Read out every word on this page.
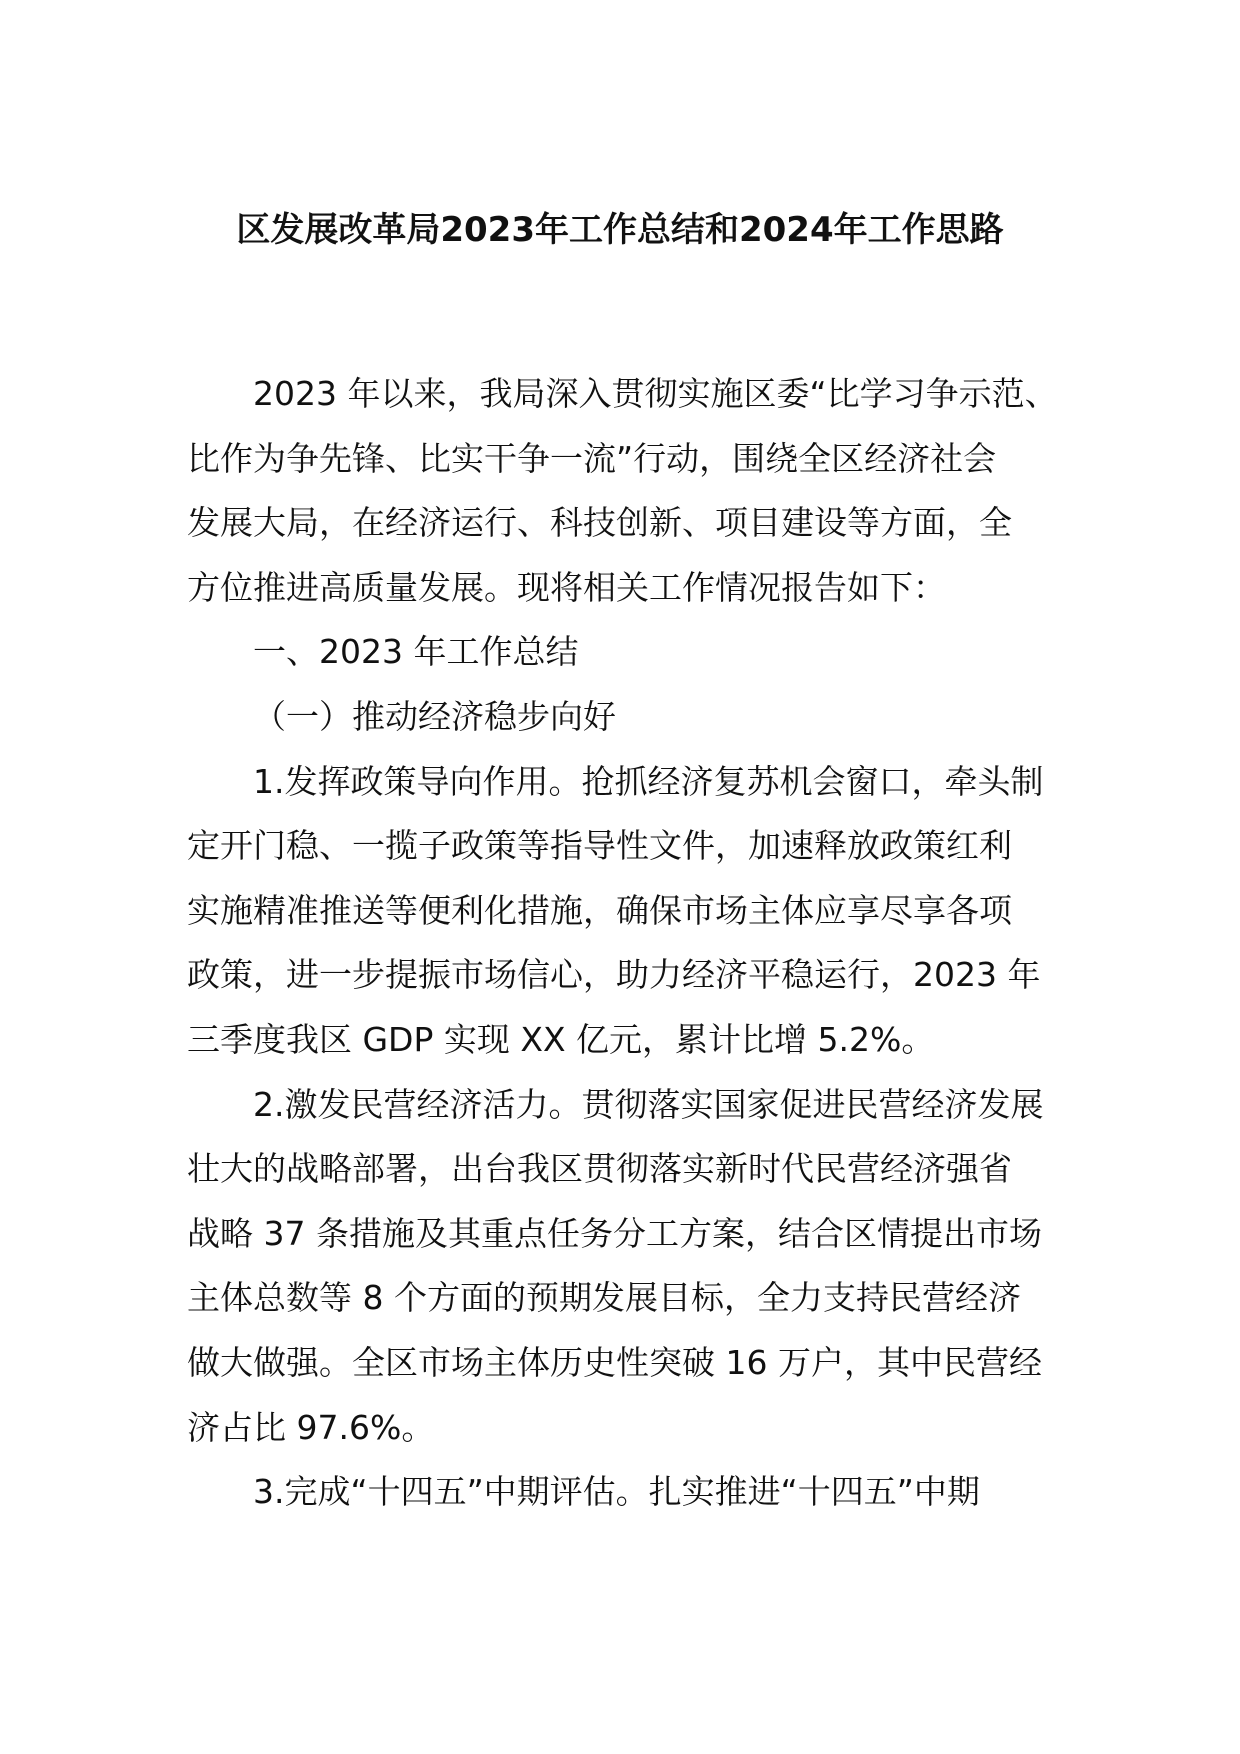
区发展改革局2023年工作总结和2024年工作思路

2023 年以来，我局深入贯彻实施区委“比学习争示范、

比作为争先锋、比实干争一流”行动，围绕全区经济社会

发展大局，在经济运行、科技创新、项目建设等方面，全

方位推进高质量发展。现将相关工作情况报告如下：

一、2023 年工作总结

（一）推动经济稳步向好

1.发挥政策导向作用。抢抓经济复苏机会窗口，牵头制

定开门稳、一揽子政策等指导性文件，加速释放政策红利

实施精准推送等便利化措施，确保市场主体应享尽享各项

政策，进一步提振市场信心，助力经济平稳运行，2023 年

三季度我区 GDP 实现 XX 亿元，累计比增 5.2%。

2.激发民营经济活力。贯彻落实国家促进民营经济发展

壮大的战略部署，出台我区贯彻落实新时代民营经济强省

战略 37 条措施及其重点任务分工方案，结合区情提出市场

主体总数等 8 个方面的预期发展目标，全力支持民营经济

做大做强。全区市场主体历史性突破 16 万户，其中民营经

济占比 97.6%。

3.完成“十四五”中期评估。扎实推进“十四五”中期
